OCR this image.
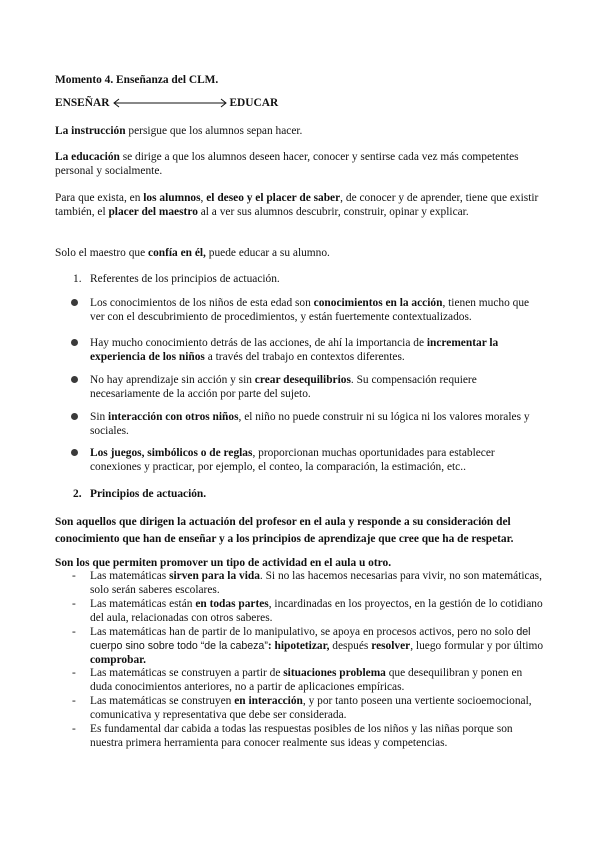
Momento 4. Enseñanza del CLM.
ENSEÑAR	EDUCAR
La instrucción persigue que los alumnos sepan hacer.
La educación se dirige a que los alumnos deseen hacer, conocer y sentirse cada vez más competentes personal y socialmente.
Para que exista, en los alumnos, el deseo y el placer de saber, de conocer y de aprender, tiene que existir también, el placer del maestro al a ver sus alumnos descubrir, construir, opinar y explicar.
Solo el maestro que confía en él, puede educar a su alumno.
1. Referentes de los principios de actuación.
Los conocimientos de los niños de esta edad son conocimientos en la acción, tienen mucho que ver con el descubrimiento de procedimientos, y están fuertemente contextualizados.
Hay mucho conocimiento detrás de las acciones, de ahí la importancia de incrementar la experiencia de los niños a través del trabajo en contextos diferentes.
No hay aprendizaje sin acción y sin crear desequilibrios. Su compensación requiere necesariamente de la acción por parte del sujeto.
Sin interacción con otros niños, el niño no puede construir ni su lógica ni los valores morales y sociales.
Los juegos, simbólicos o de reglas, proporcionan muchas oportunidades para establecer conexiones y practicar, por ejemplo, el conteo, la comparación, la estimación, etc..
2. Principios de actuación.
Son aquellos que dirigen la actuación del profesor en el aula y responde a su consideración del conocimiento que han de enseñar y a los principios de aprendizaje que cree que ha de respetar.
Son los que permiten promover un tipo de actividad en el aula u otro.
- Las matemáticas sirven para la vida. Si no las hacemos necesarias para vivir, no son matemáticas, solo serán saberes escolares.
- Las matemáticas están en todas partes, incardinadas en los proyectos, en la gestión de lo cotidiano del aula, relacionadas con otros saberes.
- Las matemáticas han de partir de lo manipulativo, se apoya en procesos activos, pero no solo del cuerpo sino sobre todo “de la cabeza”: hipotetizar, después resolver, luego formular y por último comprobar.
- Las matemáticas se construyen a partir de situaciones problema que desequilibran y ponen en duda conocimientos anteriores, no a partir de aplicaciones empíricas.
- Las matemáticas se construyen en interacción, y por tanto poseen una vertiente socioemocional, comunicativa y representativa que debe ser considerada.
- Es fundamental dar cabida a todas las respuestas posibles de los niños y las niñas porque son nuestra primera herramienta para conocer realmente sus ideas y competencias.
